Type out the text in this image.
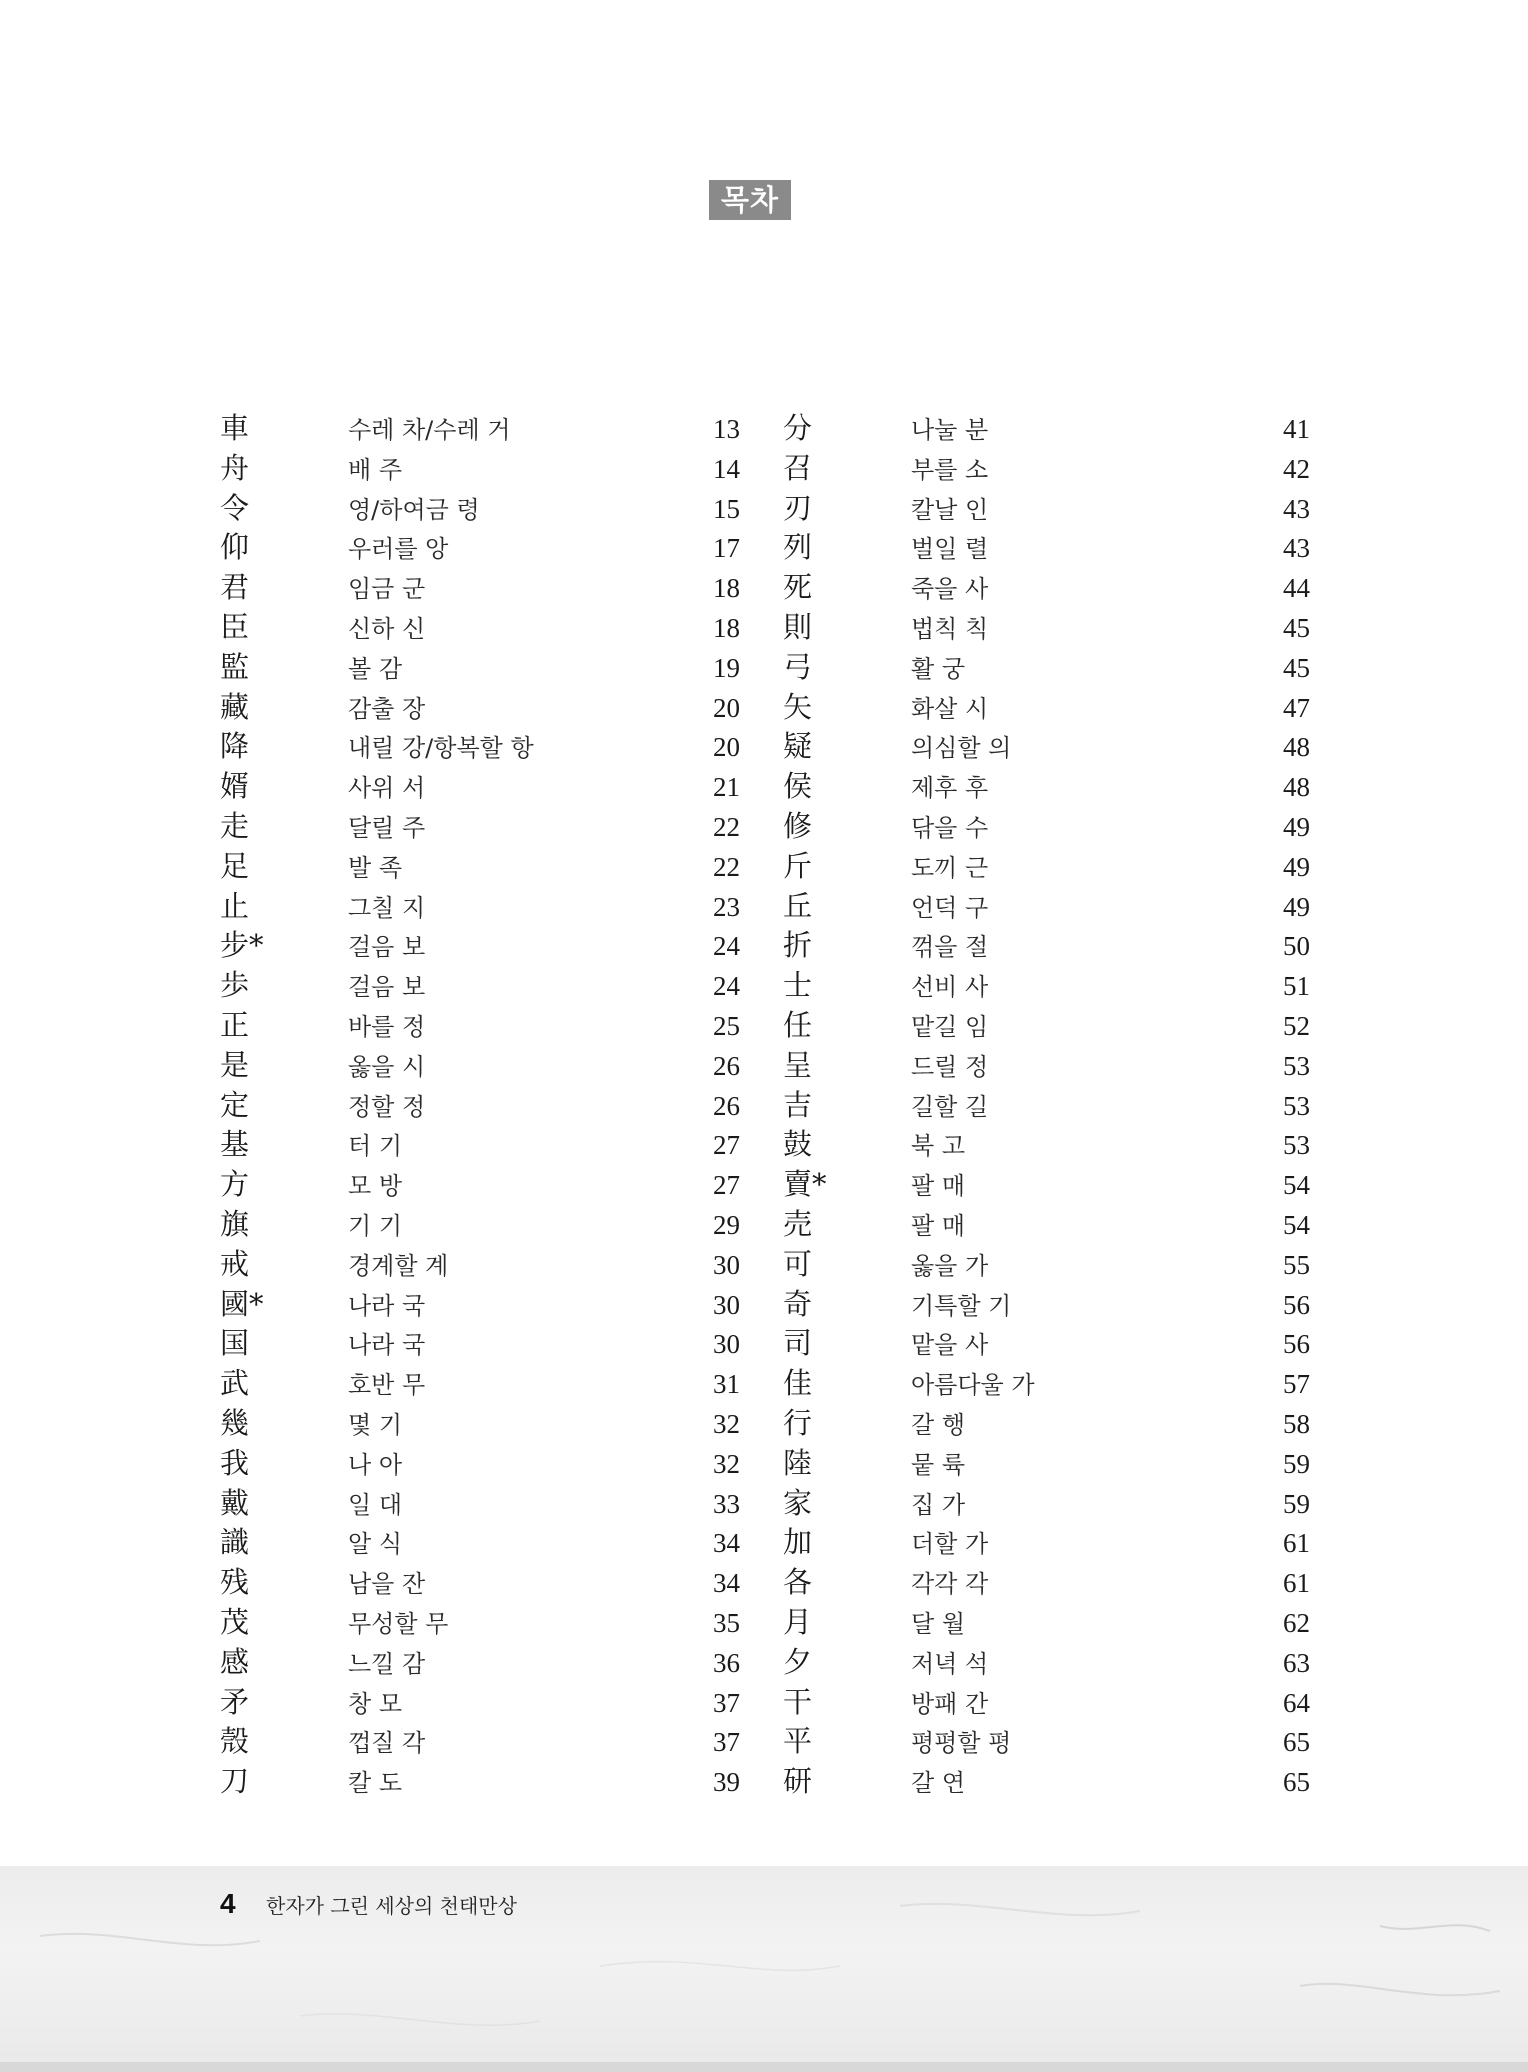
목차
車	수레 차/수레 거	13
舟	배 주	14
令	영/하여금 령	15
仰	우러를 앙	17
君	임금 군	18
臣	신하 신	18
監	볼 감	19
藏	감출 장	20
降	내릴 강/항복할 항	20
婿	사위 서	21
走	달릴 주	22
足	발 족	22
止	그칠 지	23
步*	걸음 보	24
歩	걸음 보	24
正	바를 정	25
是	옳을 시	26
定	정할 정	26
基	터 기	27
方	모 방	27
旗	기 기	29
戒	경계할 계	30
國*	나라 국	30
国	나라 국	30
武	호반 무	31
幾	몇 기	32
我	나 아	32
戴	일 대	33
識	알 식	34
残	남을 잔	34
茂	무성할 무	35
感	느낄 감	36
矛	창 모	37
殼	껍질 각	37
刀	칼 도	39
分	나눌 분	41
召	부를 소	42
刃	칼날 인	43
列	벌일 렬	43
死	죽을 사	44
則	법칙 칙	45
弓	활 궁	45
矢	화살 시	47
疑	의심할 의	48
侯	제후 후	48
修	닦을 수	49
斤	도끼 근	49
丘	언덕 구	49
折	꺾을 절	50
士	선비 사	51
任	맡길 임	52
呈	드릴 정	53
吉	길할 길	53
鼓	북 고	53
賣*	팔 매	54
売	팔 매	54
可	옳을 가	55
奇	기특할 기	56
司	맡을 사	56
佳	아름다울 가	57
行	갈 행	58
陸	뭍 륙	59
家	집 가	59
加	더할 가	61
各	각각 각	61
月	달 월	62
夕	저녁 석	63
干	방패 간	64
平	평평할 평	65
研	갈 연	65
4 한자가 그린 세상의 천태만상
